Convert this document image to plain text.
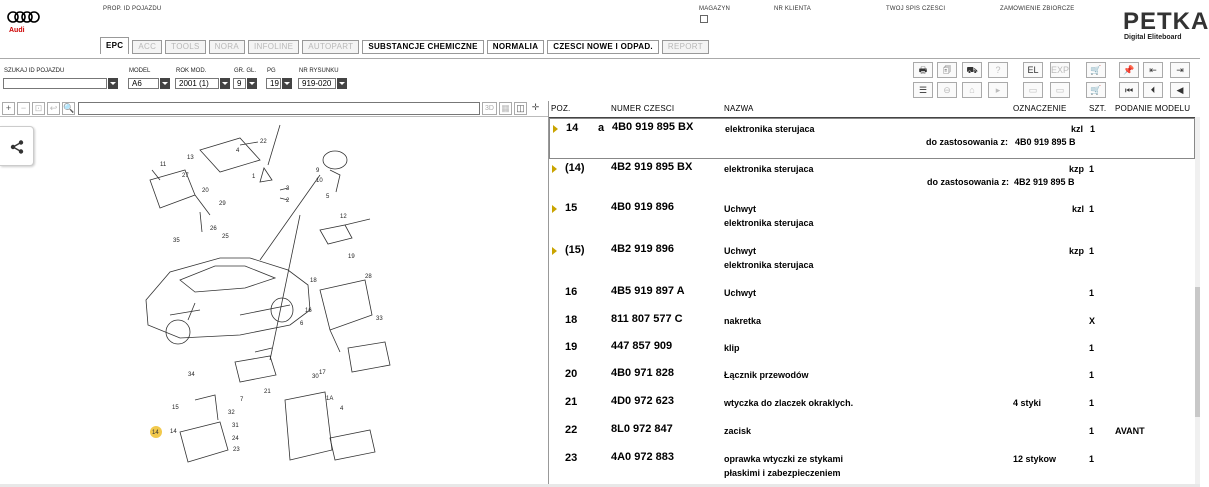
Audi
PROP. ID POJAZDU	MAGAZYN	NR KLIENTA	TWOJ SPIS CZESCI	ZAMOWIENIE ZBIORCZE PETKA
Digital Eliteboard
EPC	ACC	TOOLS	NORA	INFOLINE	AUTOPART	SUBSTANCJE CHEMICZNE	NORMALIA	CZESCI NOWE I ODPAD.	REPORT
SZUKAJ ID POJAZDU	MODEL
A6
ROK MOD.
2001 (1)
GR. GL.
9
PG
19
NR RYSUNKU
919-020
🖶	🗊	⛟	?	EL	EXP	🛒	📌	⇤	⇥
☰	⊖	⌂	▸	▭	▭	🛒	⏮	⏴	◀
+	− ⊡ ↩ 🔍	3D ▦ ◫ ✛
22
13
4
3
2
1
11
27
20
29
9
10
5
12
26
25
35
19
18
28
16
6
33
7
21
17
30
34
15
32
31
14
24
23
1A
4
14
POZ.	NUMER CZESCI	NAZWA	OZNACZENIE	SZT. PODANIE MODELU
14 a 4B0 919 895 BX	elektronika sterujaca	kzl 1
do zastosowania z: 4B0 919 895 B
(14) 4B2 919 895 BX	elektronika sterujaca	kzp 1
do zastosowania z: 4B2 919 895 B
15	4B0 919 896	Uchwyt
elektronika sterujaca
kzl 1
(15) 4B2 919 896	Uchwyt
elektronika sterujaca
kzp 1
16	4B5 919 897 A	Uchwyt	1
18	811 807 577 C	nakretka	X
19	447 857 909	klip	1
20	4B0 971 828	Łącznik przewodów	1
21	4D0 972 623	wtyczka do zlaczek okraklych.	4 styki	1
22	8L0 972 847	zacisk	1 AVANT
23	4A0 972 883	oprawka wtyczki ze stykami
płaskimi i zabezpieczeniem
12 stykow	1
